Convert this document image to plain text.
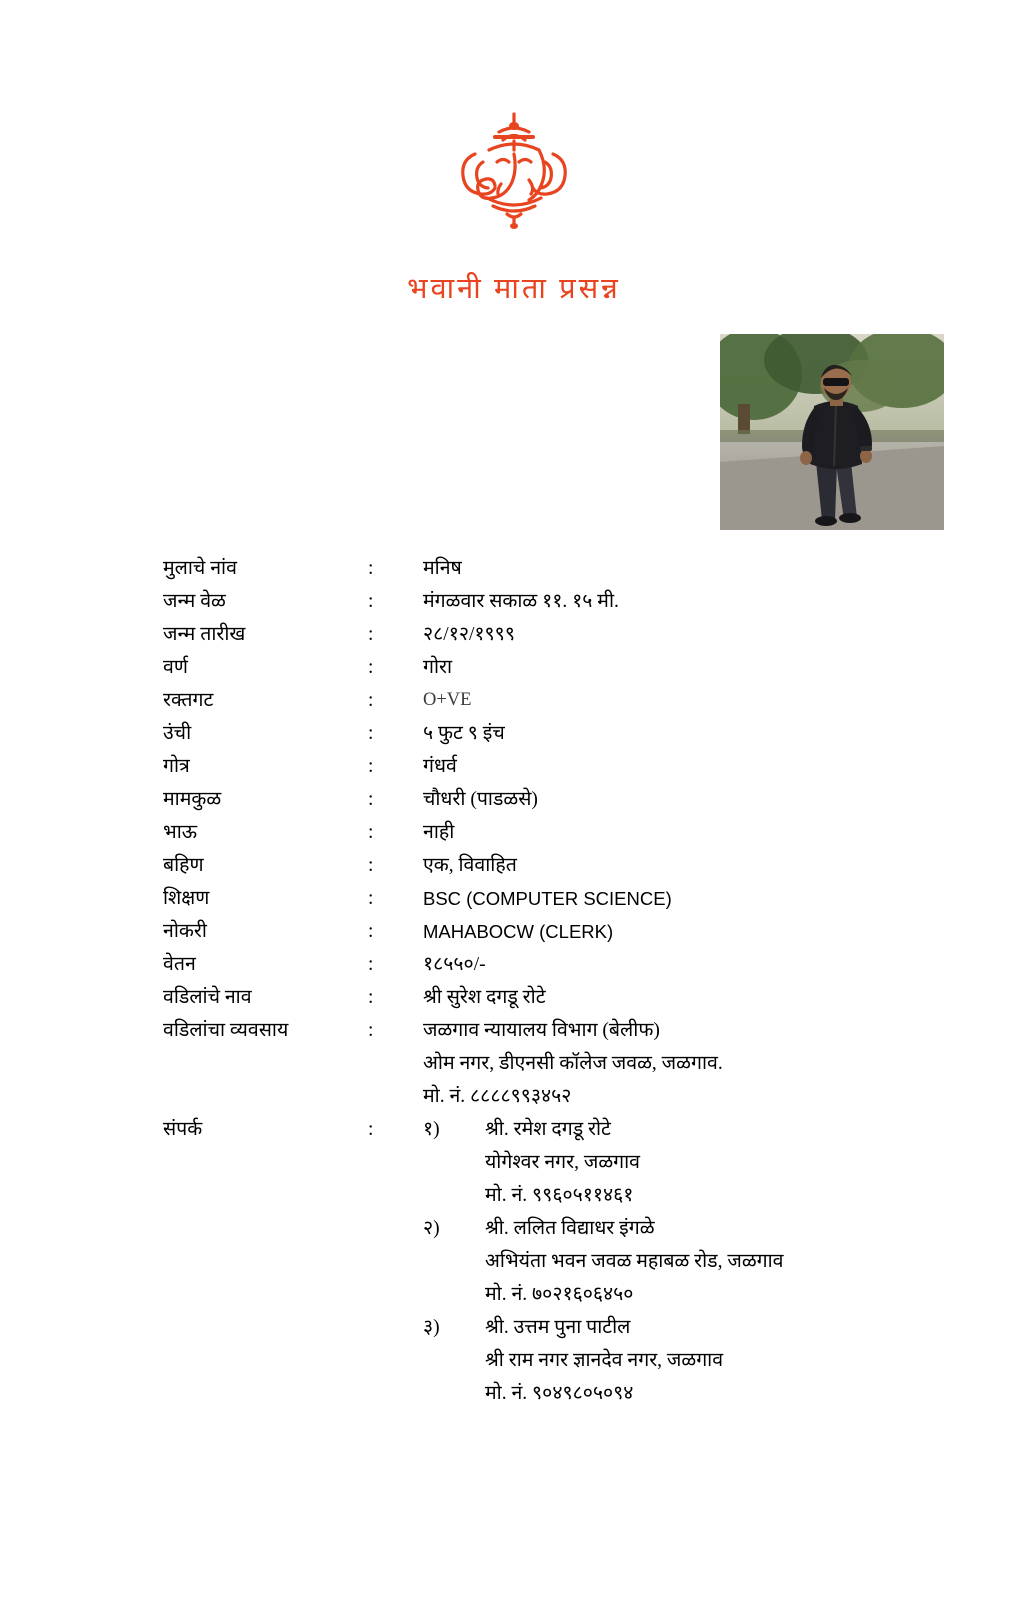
भवानी माता प्रसन्न
मुलाचे नांव	:	मनिष
जन्म वेळ	:	मंगळवार सकाळ ११. १५ मी.
जन्म तारीख	:	२८/१२/१९९९
वर्ण	:	गोरा
रक्तगट	:	O+VE
उंची	:	५ फुट ९ इंच
गोत्र	:	गंधर्व
मामकुळ	:	चौधरी (पाडळसे)
भाऊ	:	नाही
बहिण	:	एक, विवाहित
शिक्षण	:	BSC (COMPUTER SCIENCE)
नोकरी	:	MAHABOCW (CLERK)
वेतन	:	१८५५०/-
वडिलांचे नाव	:	श्री सुरेश दगडू रोटे
वडिलांचा व्यवसाय	:	जळगाव न्यायालय विभाग (बेलीफ)
ओम नगर, डीएनसी कॉलेज जवळ, जळगाव.
मो. नं. ८८८८९९३४५२
संपर्क	:	१)	श्री. रमेश दगडू रोटे
योगेश्वर नगर, जळगाव
मो. नं. ९९६०५११४६१
२)	श्री. ललित विद्याधर इंगळे
अभियंता भवन जवळ महाबळ रोड, जळगाव
मो. नं. ७०२१६०६४५०
३)	श्री. उत्तम पुना पाटील
श्री राम नगर ज्ञानदेव नगर, जळगाव
मो. नं. ९०४९८०५०९४
